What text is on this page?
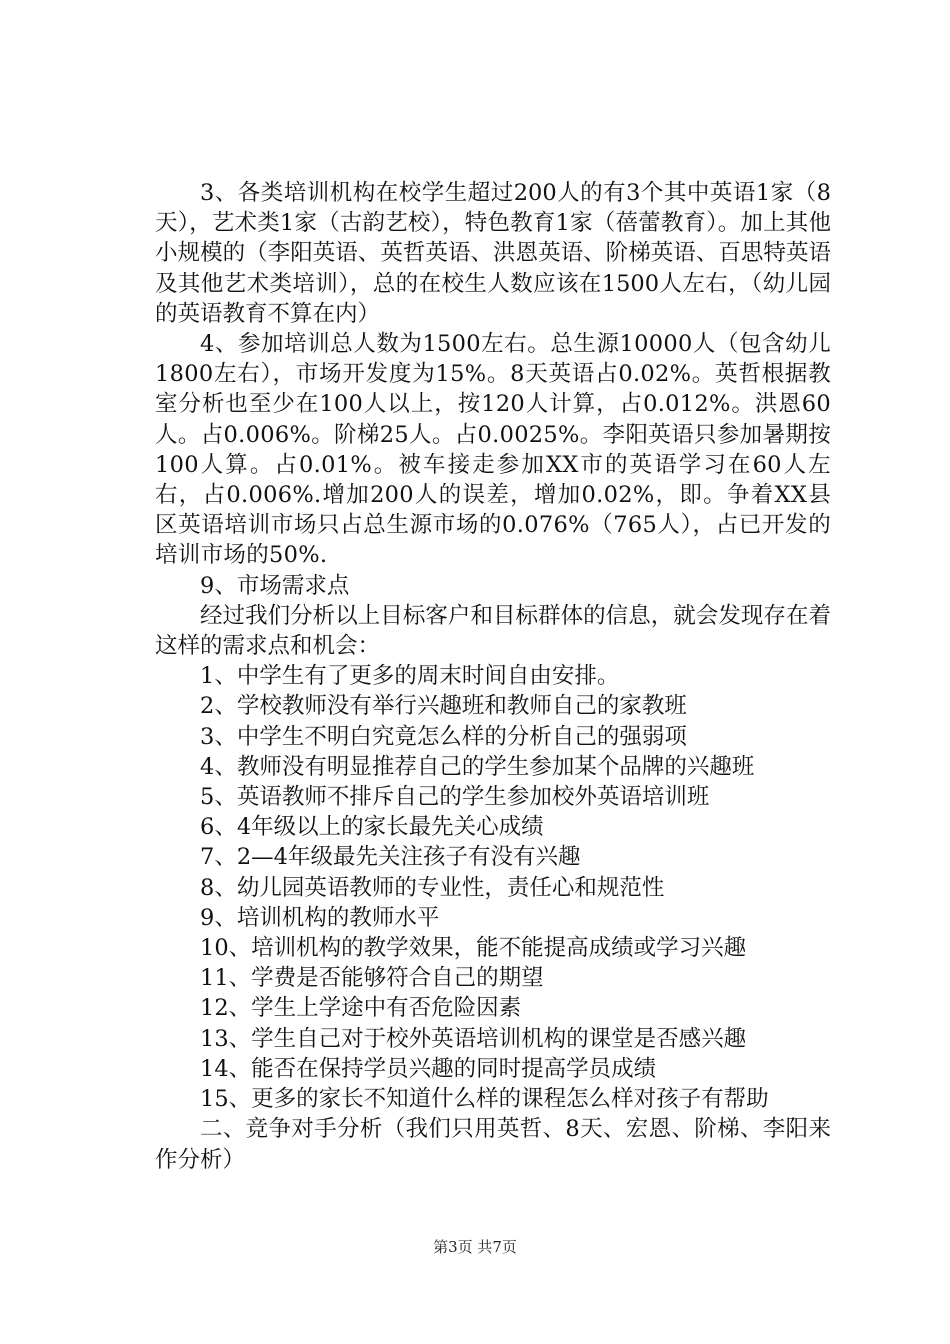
3、各类培训机构在校学生超过200人的有3个其中英语1家（8天），艺术类1家（古韵艺校），特色教育1家（蓓蕾教育）。加上其他小规模的（李阳英语、英哲英语、洪恩英语、阶梯英语、百思特英语及其他艺术类培训），总的在校生人数应该在1500人左右，（幼儿园的英语教育不算在内）

4、参加培训总人数为1500左右。总生源10000人（包含幼儿1800左右），市场开发度为15%。8天英语占0.02%。英哲根据教室分析也至少在100人以上，按120人计算，占0.012%。洪恩60人。占0.006%。阶梯25人。占0.0025%。李阳英语只参加暑期按100人算。占0.01%。被车接走参加XX市的英语学习在60人左右，占0.006%.增加200人的误差，增加0.02%，即。争着XX县区英语培训市场只占总生源市场的0.076%（765人），占已开发的培训市场的50%.

9、市场需求点

经过我们分析以上目标客户和目标群体的信息，就会发现存在着这样的需求点和机会：

1、中学生有了更多的周末时间自由安排。

2、学校教师没有举行兴趣班和教师自己的家教班

3、中学生不明白究竟怎么样的分析自己的强弱项

4、教师没有明显推荐自己的学生参加某个品牌的兴趣班

5、英语教师不排斥自己的学生参加校外英语培训班

6、4年级以上的家长最先关心成绩

7、2—4年级最先关注孩子有没有兴趣

8、幼儿园英语教师的专业性，责任心和规范性

9、培训机构的教师水平

10、培训机构的教学效果，能不能提高成绩或学习兴趣

11、学费是否能够符合自己的期望

12、学生上学途中有否危险因素

13、学生自己对于校外英语培训机构的课堂是否感兴趣

14、能否在保持学员兴趣的同时提高学员成绩

15、更多的家长不知道什么样的课程怎么样对孩子有帮助

二、竞争对手分析（我们只用英哲、8天、宏恩、阶梯、李阳来作分析）

第3页 共7页
